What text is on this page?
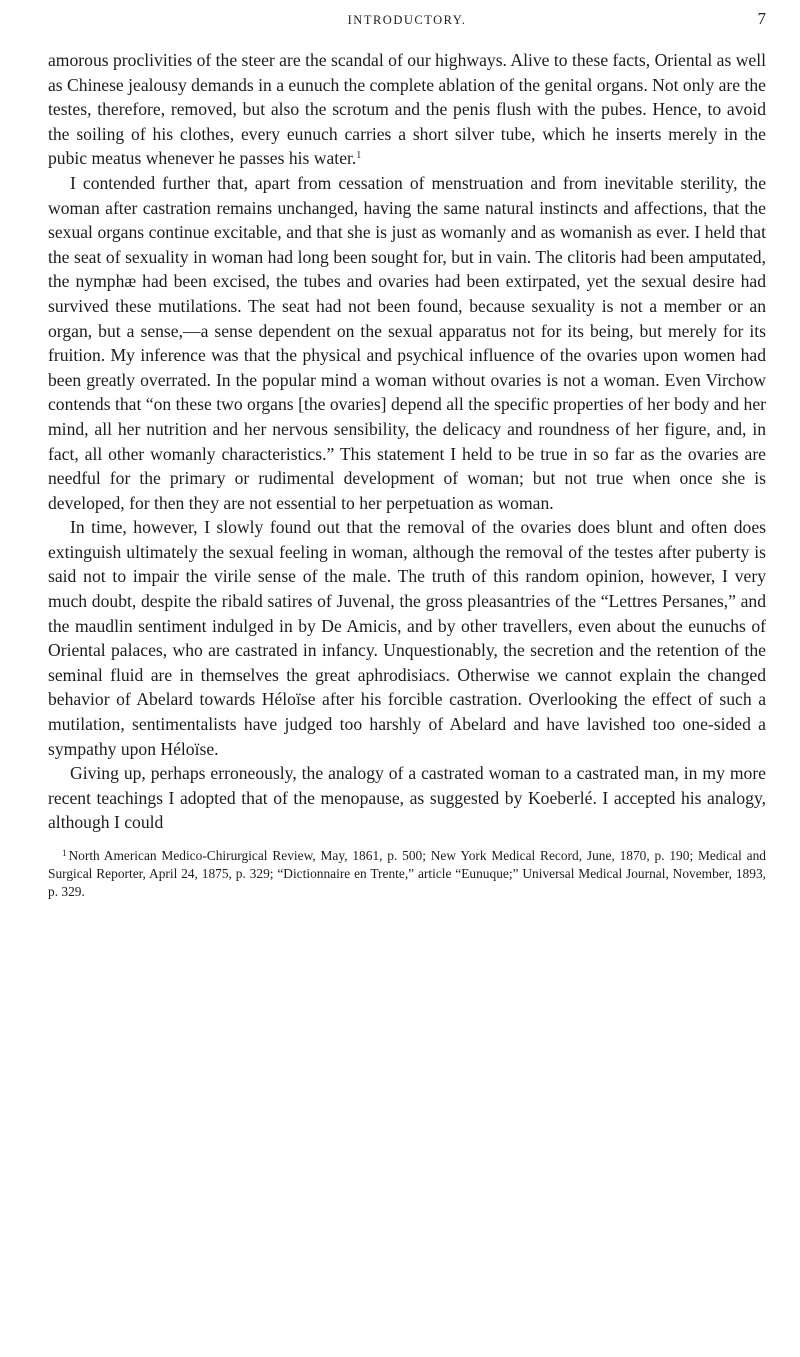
INTRODUCTORY.	7

amorous proclivities of the steer are the scandal of our highways. Alive to these facts, Oriental as well as Chinese jealousy demands in a eunuch the complete ablation of the genital organs. Not only are the testes, therefore, removed, but also the scrotum and the penis flush with the pubes. Hence, to avoid the soiling of his clothes, every eunuch carries a short silver tube, which he inserts merely in the pubic meatus whenever he passes his water.$^1$

I contended further that, apart from cessation of menstruation and from inevitable sterility, the woman after castration remains unchanged, having the same natural instincts and affections, that the sexual organs continue excitable, and that she is just as womanly and as womanish as ever. I held that the seat of sexuality in woman had long been sought for, but in vain. The clitoris had been amputated, the nymphæ had been excised, the tubes and ovaries had been extirpated, yet the sexual desire had survived these mutilations. The seat had not been found, because sexuality is not a member or an organ, but a sense,—a sense dependent on the sexual apparatus not for its being, but merely for its fruition. My inference was that the physical and psychical influence of the ovaries upon women had been greatly overrated. In the popular mind a woman without ovaries is not a woman. Even Virchow contends that “on these two organs [the ovaries] depend all the specific properties of her body and her mind, all her nutrition and her nervous sensibility, the delicacy and roundness of her figure, and, in fact, all other womanly characteristics.” This statement I held to be true in so far as the ovaries are needful for the primary or rudimental development of woman; but not true when once she is developed, for then they are not essential to her perpetuation as woman.

In time, however, I slowly found out that the removal of the ovaries does blunt and often does extinguish ultimately the sexual feeling in woman, although the removal of the testes after puberty is said not to impair the virile sense of the male. The truth of this random opinion, however, I very much doubt, despite the ribald satires of Juvenal, the gross pleasantries of the “Lettres Persanes,” and the maudlin sentiment indulged in by De Amicis, and by other travellers, even about the eunuchs of Oriental palaces, who are castrated in infancy. Unquestionably, the secretion and the retention of the seminal fluid are in themselves the great aphrodisiacs. Otherwise we cannot explain the changed behavior of Abelard towards Héloïse after his forcible castration. Overlooking the effect of such a mutilation, sentimentalists have judged too harshly of Abelard and have lavished too one-sided a sympathy upon Héloïse.

Giving up, perhaps erroneously, the analogy of a castrated woman to a castrated man, in my more recent teachings I adopted that of the menopause, as suggested by Koeberlé. I accepted his analogy, although I could

$^1$ North American Medico-Chirurgical Review, May, 1861, p. 500; New York Medical Record, June, 1870, p. 190; Medical and Surgical Reporter, April 24, 1875, p. 329; “Dictionnaire en Trente,” article “Eunuque;” Universal Medical Journal, November, 1893, p. 329.
